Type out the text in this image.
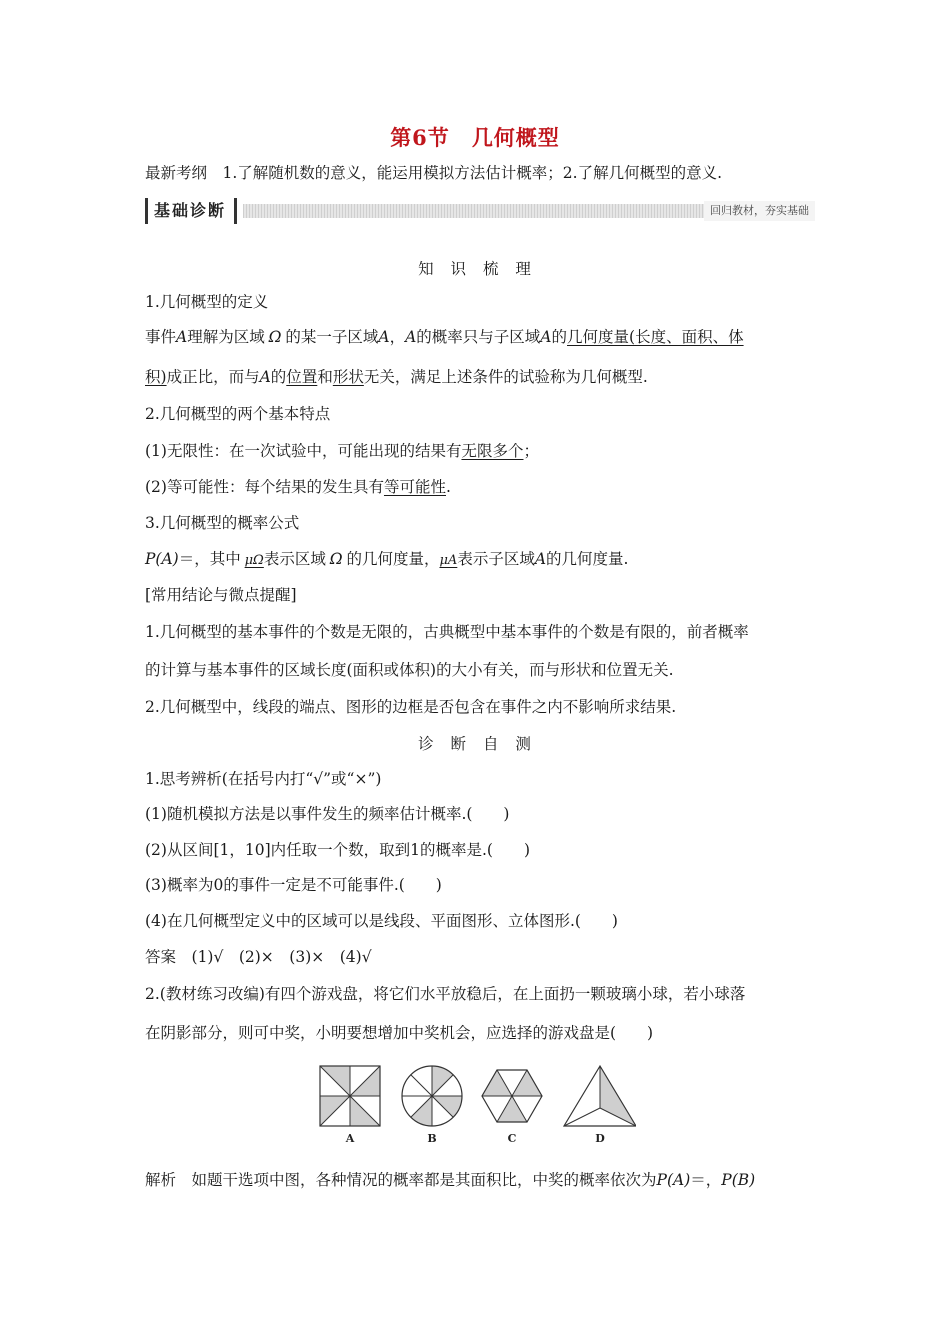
第6节 几何概型
最新考纲  1.了解随机数的意义，能运用模拟方法估计概率；2.了解几何概型的意义.
基础诊断	回归教材，夯实基础
知 识 梳 理
1.几何概型的定义
事件A理解为区域  Ω  的某一子区域A，A的概率只与子区域A的几何度量(长度、面积、体
积)成正比，而与A的位置和形状无关，满足上述条件的试验称为几何概型.
2.几何概型的两个基本特点
(1)无限性：在一次试验中，可能出现的结果有无限多个；
(2)等可能性：每个结果的发生具有等可能性.
3.几何概型的概率公式
P(A)＝，其中  μΩ表示区域  Ω  的几何度量，μA表示子区域A的几何度量.
[常用结论与微点提醒]
1.几何概型的基本事件的个数是无限的，古典概型中基本事件的个数是有限的，前者概率
的计算与基本事件的区域长度(面积或体积)的大小有关，而与形状和位置无关.
2.几何概型中，线段的端点、图形的边框是否包含在事件之内不影响所求结果.
诊 断 自 测
1.思考辨析(在括号内打“√”或“×”)
(1)随机模拟方法是以事件发生的频率估计概率.(　　)
(2)从区间[1，10]内任取一个数，取到1的概率是.(　　)
(3)概率为0的事件一定是不可能事件.(　　)
(4)在几何概型定义中的区域可以是线段、平面图形、立体图形.(　　)
答案  (1)√　(2)×　(3)×　(4)√
2.(教材练习改编)有四个游戏盘，将它们水平放稳后，在上面扔一颗玻璃小球，若小球落
在阴影部分，则可中奖，小明要想增加中奖机会，应选择的游戏盘是(　　)
A	B	C	D
解析  如题干选项中图，各种情况的概率都是其面积比，中奖的概率依次为P(A)＝，P(B)
